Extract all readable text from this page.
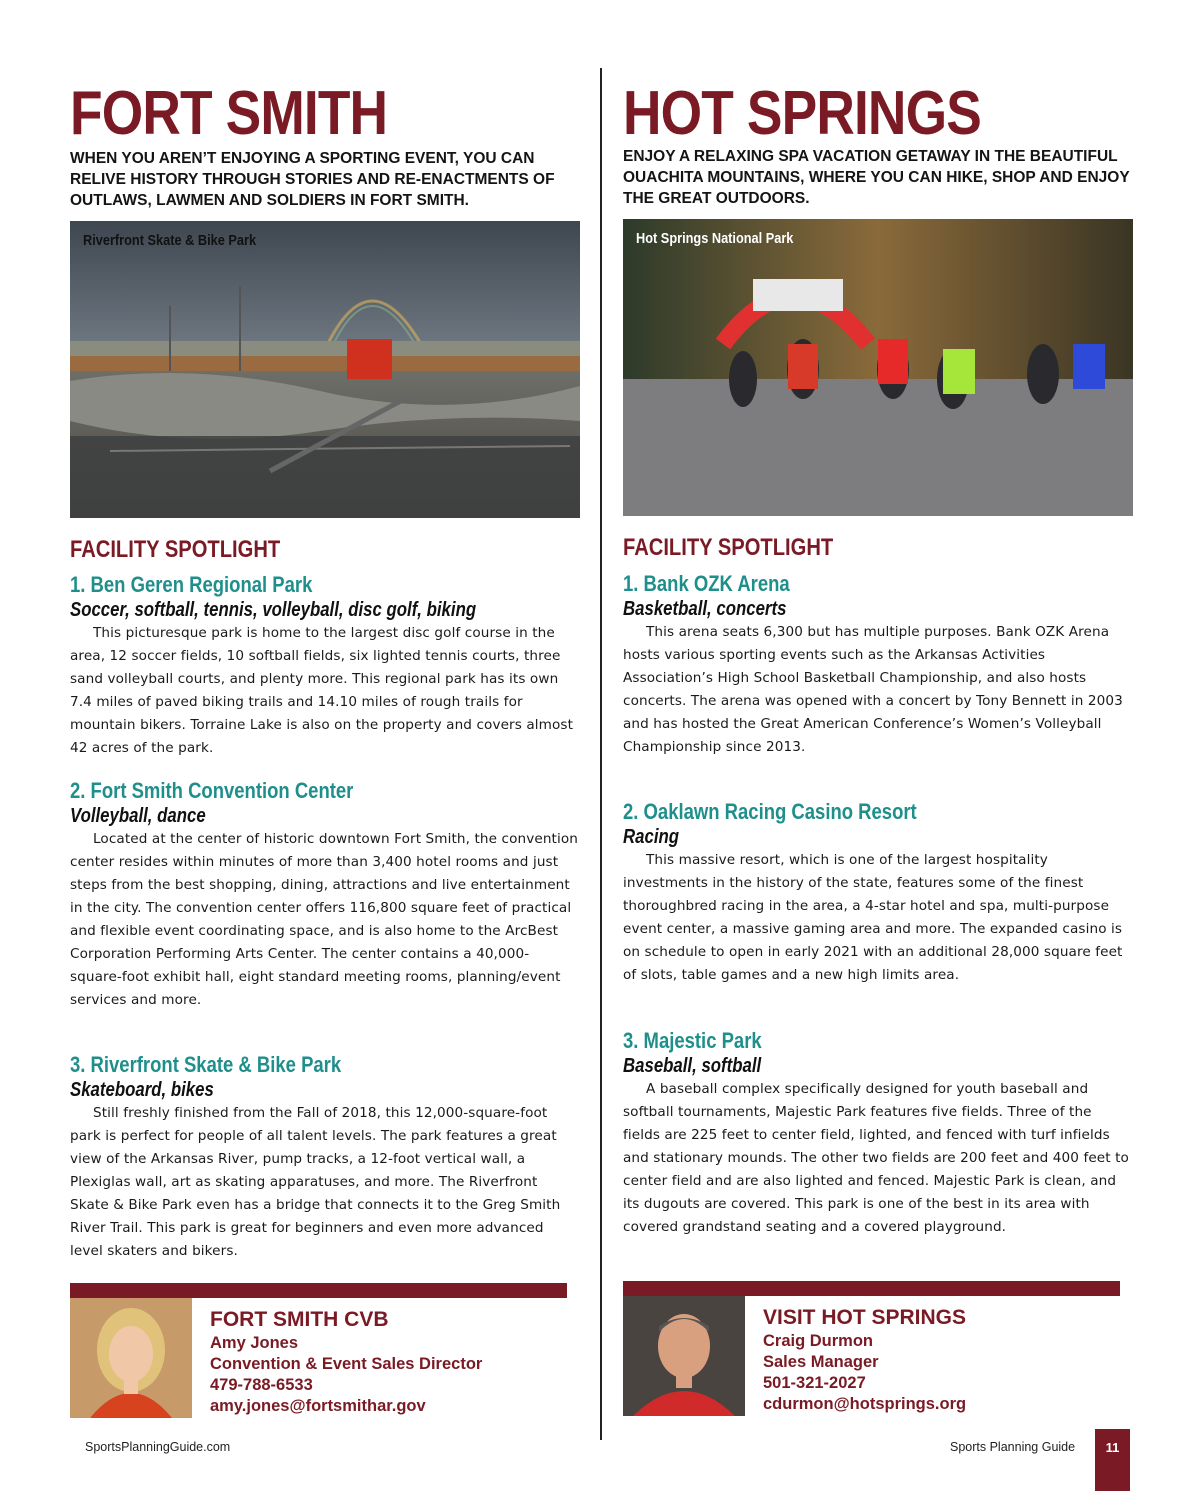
FORT SMITH
WHEN YOU AREN’T ENJOYING A SPORTING EVENT, YOU CAN RELIVE HISTORY THROUGH STORIES AND RE-ENACTMENTS OF OUTLAWS, LAWMEN AND SOLDIERS IN FORT SMITH.
Riverfront Skate & Bike Park
FACILITY SPOTLIGHT
1. Ben Geren Regional Park
Soccer, softball, tennis, volleyball, disc golf, biking
This picturesque park is home to the largest disc golf course in the area, 12 soccer fields, 10 softball fields, six lighted tennis courts, three sand volleyball courts, and plenty more. This regional park has its own 7.4 miles of paved biking trails and 14.10 miles of rough trails for mountain bikers. Torraine Lake is also on the property and covers almost 42 acres of the park.
2. Fort Smith Convention Center
Volleyball, dance
Located at the center of historic downtown Fort Smith, the convention center resides within minutes of more than 3,400 hotel rooms and just steps from the best shopping, dining, attractions and live entertainment in the city. The convention center offers 116,800 square feet of practical and flexible event coordinating space, and is also home to the ArcBest Corporation Performing Arts Center. The center contains a 40,000-square-foot exhibit hall, eight standard meeting rooms, planning/event services and more.
3. Riverfront Skate & Bike Park
Skateboard, bikes
Still freshly finished from the Fall of 2018, this 12,000-square-foot park is perfect for people of all talent levels. The park features a great view of the Arkansas River, pump tracks, a 12-foot vertical wall, a Plexiglas wall, art as skating apparatuses, and more. The Riverfront Skate & Bike Park even has a bridge that connects it to the Greg Smith River Trail. This park is great for beginners and even more advanced level skaters and bikers.
FORT SMITH CVB
Amy Jones
Convention & Event Sales Director
479-788-6533
amy.jones@fortsmithar.gov
HOT SPRINGS
ENJOY A RELAXING SPA VACATION GETAWAY IN THE BEAUTIFUL OUACHITA MOUNTAINS, WHERE YOU CAN HIKE, SHOP AND ENJOY THE GREAT OUTDOORS.
Hot Springs National Park
FACILITY SPOTLIGHT
1. Bank OZK Arena
Basketball, concerts
This arena seats 6,300 but has multiple purposes. Bank OZK Arena hosts various sporting events such as the Arkansas Activities Association’s High School Basketball Championship, and also hosts concerts. The arena was opened with a concert by Tony Bennett in 2003 and has hosted the Great American Conference’s Women’s Volleyball Championship since 2013.
2. Oaklawn Racing Casino Resort
Racing
This massive resort, which is one of the largest hospitality investments in the history of the state, features some of the finest thoroughbred racing in the area, a 4-star hotel and spa, multi-purpose event center, a massive gaming area and more. The expanded casino is on schedule to open in early 2021 with an additional 28,000 square feet of slots, table games and a new high limits area.
3. Majestic Park
Baseball, softball
A baseball complex specifically designed for youth baseball and softball tournaments, Majestic Park features five fields. Three of the fields are 225 feet to center field, lighted, and fenced with turf infields and stationary mounds. The other two fields are 200 feet and 400 feet to center field and are also lighted and fenced. Majestic Park is clean, and its dugouts are covered. This park is one of the best in its area with covered grandstand seating and a covered playground.
VISIT HOT SPRINGS
Craig Durmon
Sales Manager
501-321-2027
cdurmon@hotsprings.org
SportsPlanningGuide.com	Sports Planning Guide	11
